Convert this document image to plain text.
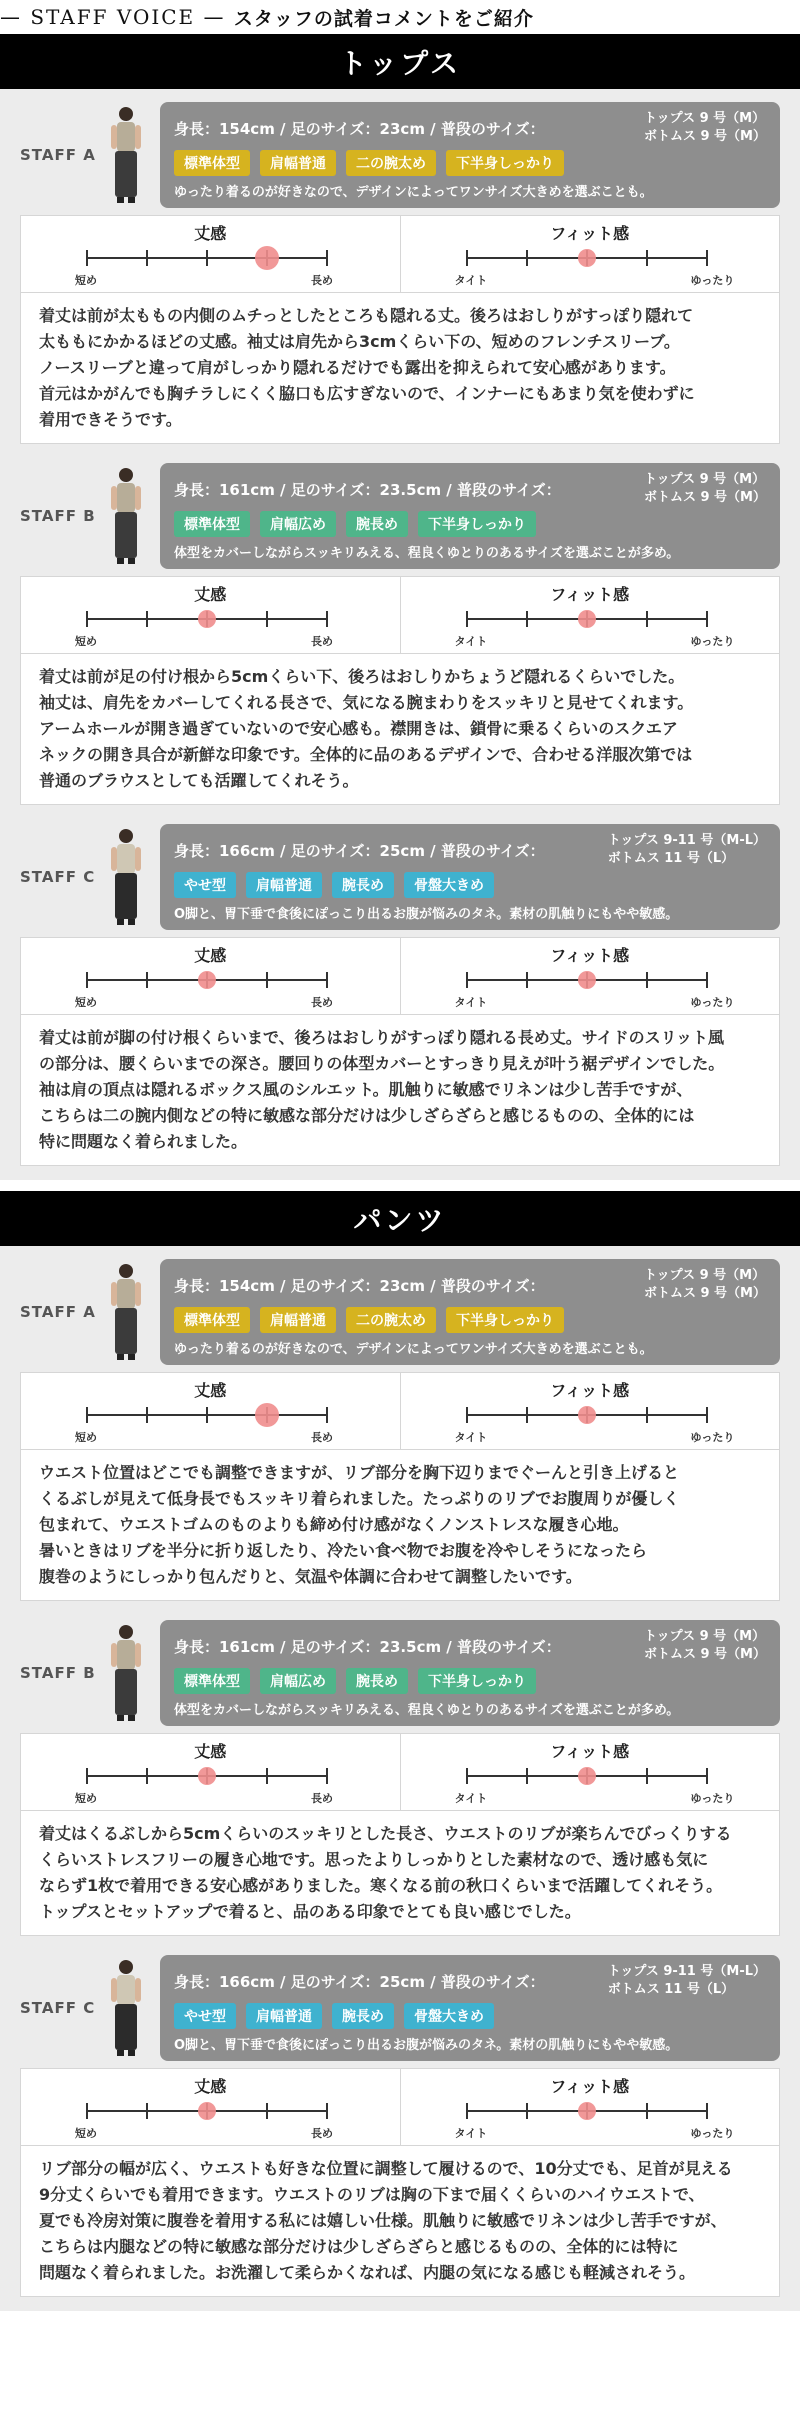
— STAFF VOICE — スタッフの試着コメントをご紹介
トップス
STAFF A
身長：154cm / 足のサイズ：23cm / 普段のサイズ：
トップス 9 号（M）
ボトムス 9 号（M）
標準体型	肩幅普通	二の腕太め	下半身しっかり
ゆったり着るのが好きなので、デザインによってワンサイズ大きめを選ぶことも。
丈感
短め	長め
フィット感
タイト	ゆったり
着丈は前が太ももの内側のムチっとしたところも隠れる丈。後ろはおしりがすっぽり隠れて
太ももにかかるほどの丈感。袖丈は肩先から3cmくらい下の、短めのフレンチスリーブ。
ノースリーブと違って肩がしっかり隠れるだけでも露出を抑えられて安心感があります。
首元はかがんでも胸チラしにくく脇口も広すぎないので、インナーにもあまり気を使わずに
着用できそうです。
STAFF B
身長：161cm / 足のサイズ：23.5cm / 普段のサイズ：
トップス 9 号（M）
ボトムス 9 号（M）
標準体型	肩幅広め	腕長め	下半身しっかり
体型をカバーしながらスッキリみえる、程良くゆとりのあるサイズを選ぶことが多め。
丈感
短め	長め
フィット感
タイト	ゆったり
着丈は前が足の付け根から5cmくらい下、後ろはおしりかちょうど隠れるくらいでした。
袖丈は、肩先をカバーしてくれる長さで、気になる腕まわりをスッキリと見せてくれます。
アームホールが開き過ぎていないので安心感も。襟開きは、鎖骨に乗るくらいのスクエア
ネックの開き具合が新鮮な印象です。全体的に品のあるデザインで、合わせる洋服次第では
普通のブラウスとしても活躍してくれそう。
STAFF C
身長：166cm / 足のサイズ：25cm / 普段のサイズ：
トップス 9-11 号（M-L）
ボトムス 11 号（L）
やせ型	肩幅普通	腕長め	骨盤大きめ
O脚と、胃下垂で食後にぽっこり出るお腹が悩みのタネ。素材の肌触りにもやや敏感。
丈感
短め	長め
フィット感
タイト	ゆったり
着丈は前が脚の付け根くらいまで、後ろはおしりがすっぽり隠れる長め丈。サイドのスリット風
の部分は、腰くらいまでの深さ。腰回りの体型カバーとすっきり見えが叶う裾デザインでした。
袖は肩の頂点は隠れるボックス風のシルエット。肌触りに敏感でリネンは少し苦手ですが、
こちらは二の腕内側などの特に敏感な部分だけは少しざらざらと感じるものの、全体的には
特に問題なく着られました。
パンツ
STAFF A
身長：154cm / 足のサイズ：23cm / 普段のサイズ：
トップス 9 号（M）
ボトムス 9 号（M）
標準体型	肩幅普通	二の腕太め	下半身しっかり
ゆったり着るのが好きなので、デザインによってワンサイズ大きめを選ぶことも。
丈感
短め	長め
フィット感
タイト	ゆったり
ウエスト位置はどこでも調整できますが、リブ部分を胸下辺りまでぐーんと引き上げると
くるぶしが見えて低身長でもスッキリ着られました。たっぷりのリブでお腹周りが優しく
包まれて、ウエストゴムのものよりも締め付け感がなくノンストレスな履き心地。
暑いときはリブを半分に折り返したり、冷たい食べ物でお腹を冷やしそうになったら
腹巻のようにしっかり包んだりと、気温や体調に合わせて調整したいです。
STAFF B
身長：161cm / 足のサイズ：23.5cm / 普段のサイズ：
トップス 9 号（M）
ボトムス 9 号（M）
標準体型	肩幅広め	腕長め	下半身しっかり
体型をカバーしながらスッキリみえる、程良くゆとりのあるサイズを選ぶことが多め。
丈感
短め	長め
フィット感
タイト	ゆったり
着丈はくるぶしから5cmくらいのスッキリとした長さ、ウエストのリブが楽ちんでびっくりする
くらいストレスフリーの履き心地です。思ったよりしっかりとした素材なので、透け感も気に
ならず1枚で着用できる安心感がありました。寒くなる前の秋口くらいまで活躍してくれそう。
トップスとセットアップで着ると、品のある印象でとても良い感じでした。
STAFF C
身長：166cm / 足のサイズ：25cm / 普段のサイズ：
トップス 9-11 号（M-L）
ボトムス 11 号（L）
やせ型	肩幅普通	腕長め	骨盤大きめ
O脚と、胃下垂で食後にぽっこり出るお腹が悩みのタネ。素材の肌触りにもやや敏感。
丈感
短め	長め
フィット感
タイト	ゆったり
リブ部分の幅が広く、ウエストも好きな位置に調整して履けるので、10分丈でも、足首が見える
9分丈くらいでも着用できます。ウエストのリブは胸の下まで届くくらいのハイウエストで、
夏でも冷房対策に腹巻を着用する私には嬉しい仕様。肌触りに敏感でリネンは少し苦手ですが、
こちらは内腿などの特に敏感な部分だけは少しざらざらと感じるものの、全体的には特に
問題なく着られました。お洗濯して柔らかくなれば、内腿の気になる感じも軽減されそう。
